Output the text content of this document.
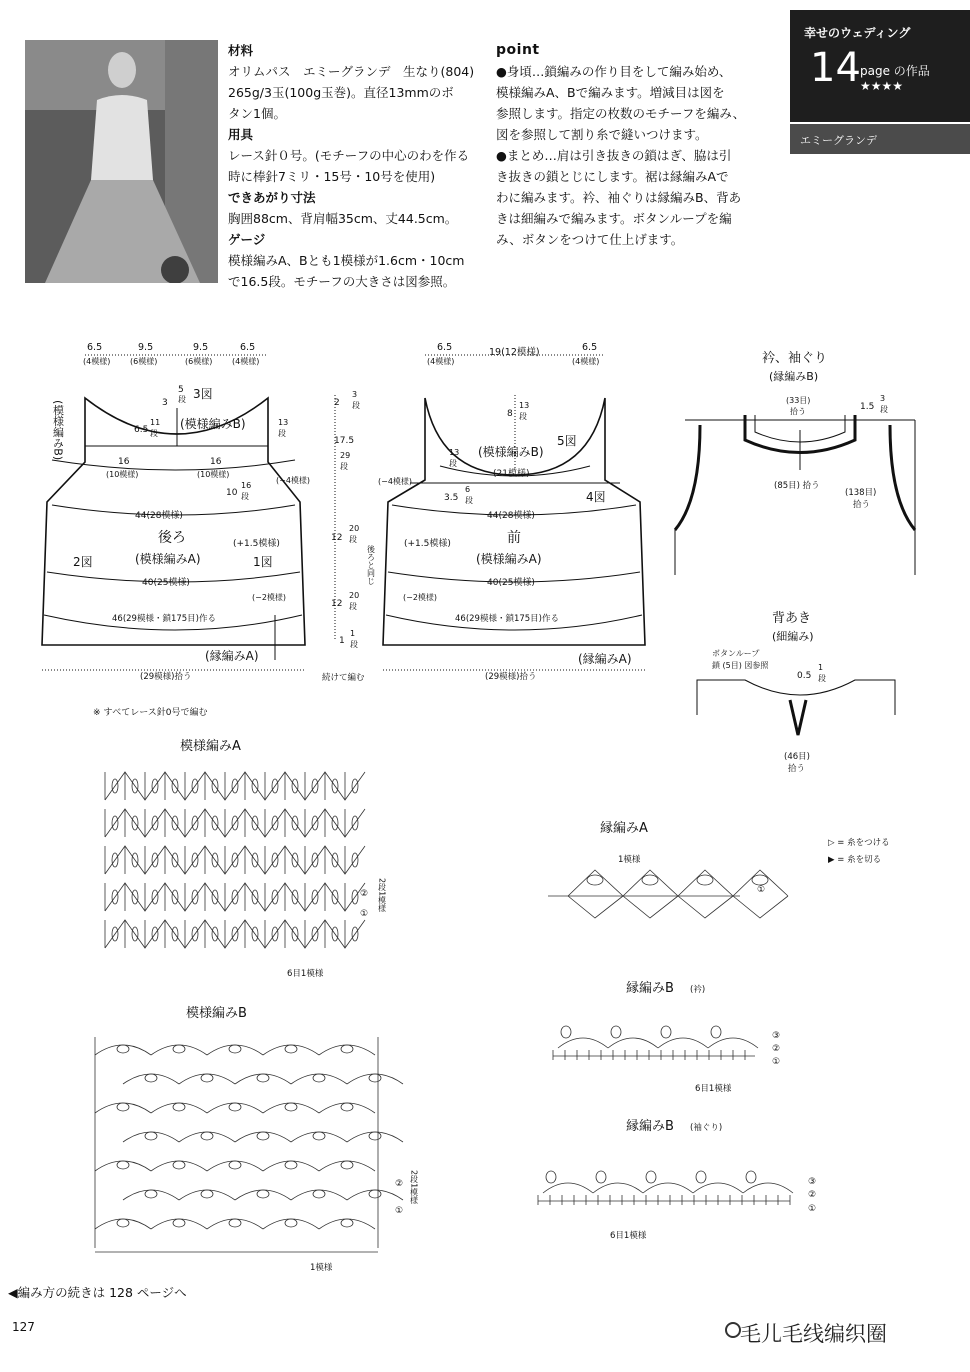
材料
オリムパス　エミーグランデ　生なり(804)
265g/3玉(100g玉巻)。直径13mmのボ
タン1個。
用具
レース針０号。(モチーフの中心のわを作る
時に棒針7ミリ・15号・10号を使用)
できあがり寸法
胸囲88cm、背肩幅35cm、丈44.5cm。
ゲージ
模様編みA、Bとも1模様が1.6cm・10cm
で16.5段。モチーフの大きさは図参照。
point
●身頃…鎖編みの作り目をして編み始め、
模様編みA、Bで編みます。増減目は図を
参照します。指定の枚数のモチーフを編み、
図を参照して割り糸で縫いつけます。
●まとめ…肩は引き抜きの鎖はぎ、脇は引
き抜きの鎖とじにします。裾は縁編みAで
わに編みます。衿、袖ぐりは縁編みB、背あ
きは細編みで編みます。ボタンループを編
み、ボタンをつけて仕上げます。
幸せのウェディング
14 page の作品 ★★★★
エミーグランデ
6.5
(4模様)
9.5
(6模様)
9.5
(6模様)
6.5
(4模様)
(模様編みB)	(模様編みB)
3図
5
段
3
6.5
11
段
13
段
16
(10模様)
16
(10模様)
(−4模様)
10
16
段
44(28模様)
後ろ
(模様編みA)
(+1.5模様)
2図	1図
40(25模様)
(−2模様)
46(29模様・鎖175目)作る
(縁編みA)
(29模様)拾う	続けて編む
2
3
段
17.5
29
段
12
20
段
後ろと同じ
12
20
段
1
1
段
6.5
(4模様)
19(12模様)	6.5
(4模様)
8
13
段
13
段
(模様編みB)
5図
(21模様)
(−4模様)
3.5
6
段	4図
44(28模様)
前
(模様編みA)
(+1.5模様)
40(25模様)
(−2模様)
46(29模様・鎖175目)作る
(縁編みA)
(29模様)拾う
衿、袖ぐり
(縁編みB)
(33目)
拾う	1.5
3
段
(85目) 拾う
(138目)
拾う
背あき
(細編み)
ボタンループ
鎖 (5目) 図参照
0.5
1
段
(46目)
拾う
模様編みA
②
①
2段1模様
6目1模様
模様編みB
②
①
2段1模様
1模様
縁編みA
▷ = 糸をつける
▶ = 糸を切る
1模様
①
縁編みB (衿)
③
②
①
6目1模様
縁編みB (袖ぐり)
③
②
①
6目1模様
※ すべてレース針0号で編む
◀編み方の続きは 128 ページへ
127	毛儿毛线编织圈
